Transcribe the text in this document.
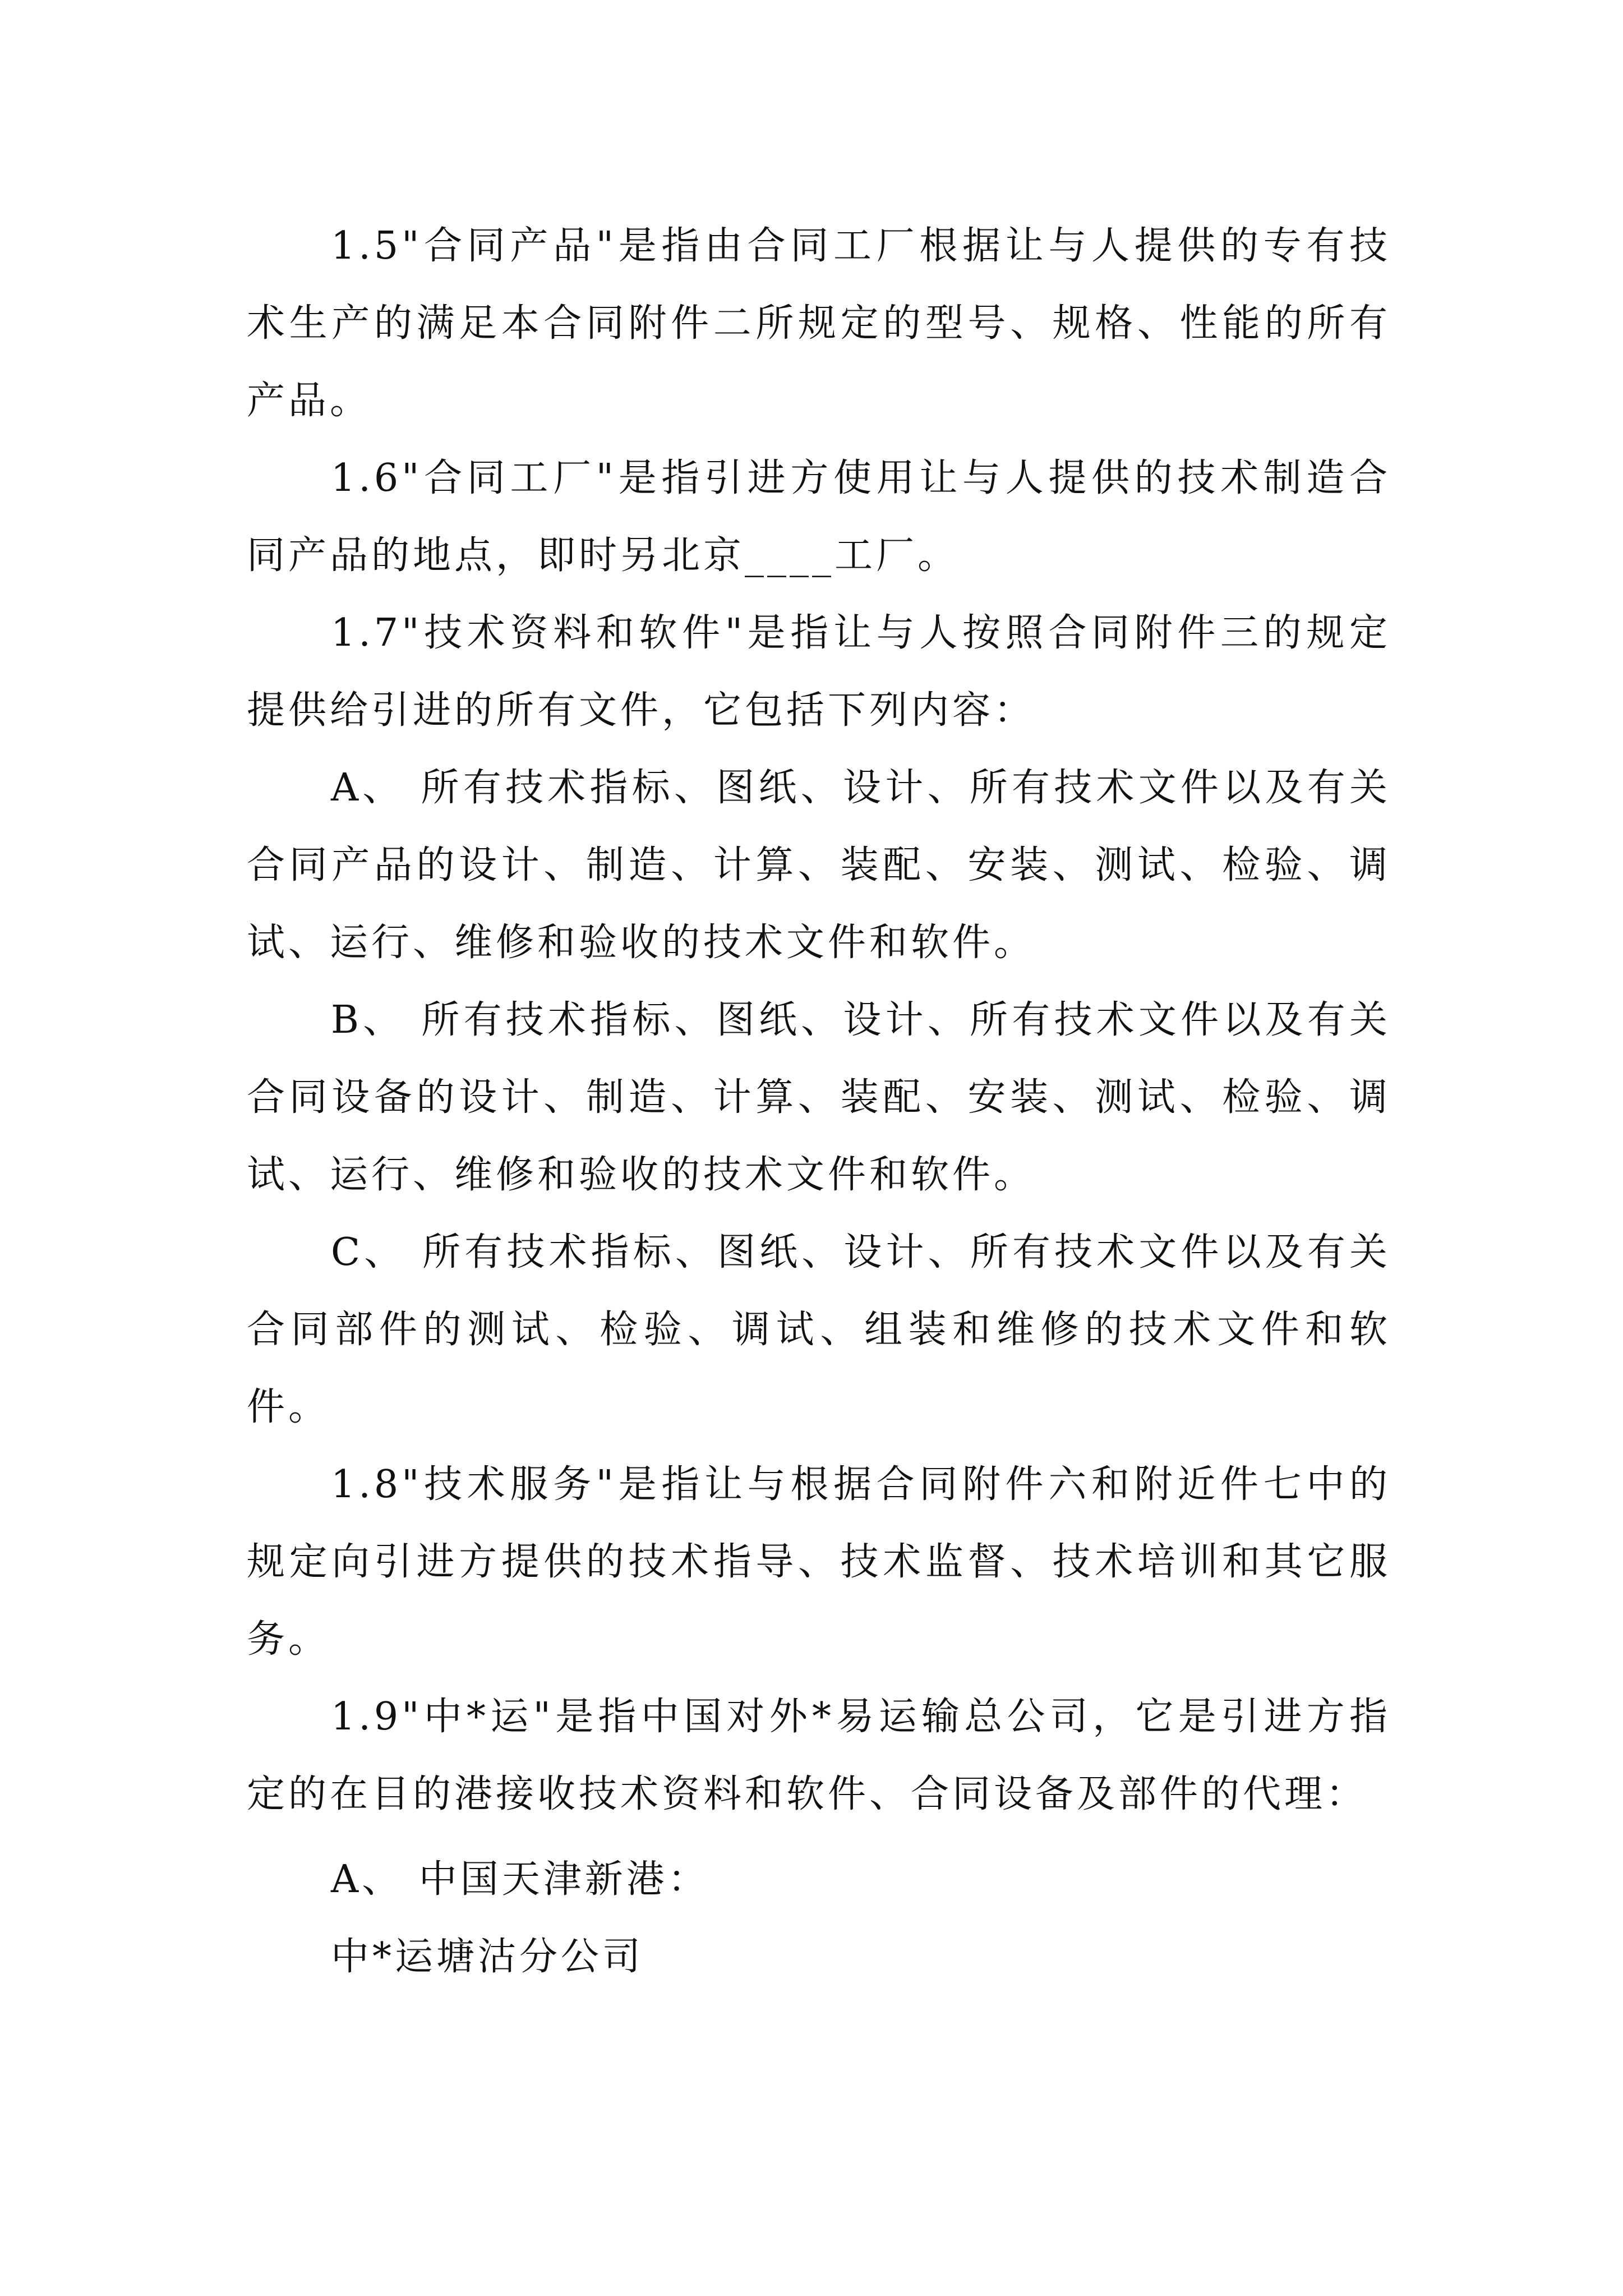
1.5"合同产品"是指由合同工厂根据让与人提供的专有技术生产的满足本合同附件二所规定的型号、规格、性能的所有产品。

1.6"合同工厂"是指引进方使用让与人提供的技术制造合同产品的地点，即时另北京____工厂。

1.7"技术资料和软件"是指让与人按照合同附件三的规定提供给引进的所有文件，它包括下列内容：

A、 所有技术指标、图纸、设计、所有技术文件以及有关合同产品的设计、制造、计算、装配、安装、测试、检验、调试、运行、维修和验收的技术文件和软件。

B、 所有技术指标、图纸、设计、所有技术文件以及有关合同设备的设计、制造、计算、装配、安装、测试、检验、调试、运行、维修和验收的技术文件和软件。

C、 所有技术指标、图纸、设计、所有技术文件以及有关合同部件的测试、检验、调试、组装和维修的技术文件和软件。

1.8"技术服务"是指让与根据合同附件六和附近件七中的规定向引进方提供的技术指导、技术监督、技术培训和其它服务。

1.9"中*运"是指中国对外*易运输总公司，它是引进方指定的在目的港接收技术资料和软件、合同设备及部件的代理：

A、 中国天津新港：

中*运塘沽分公司
